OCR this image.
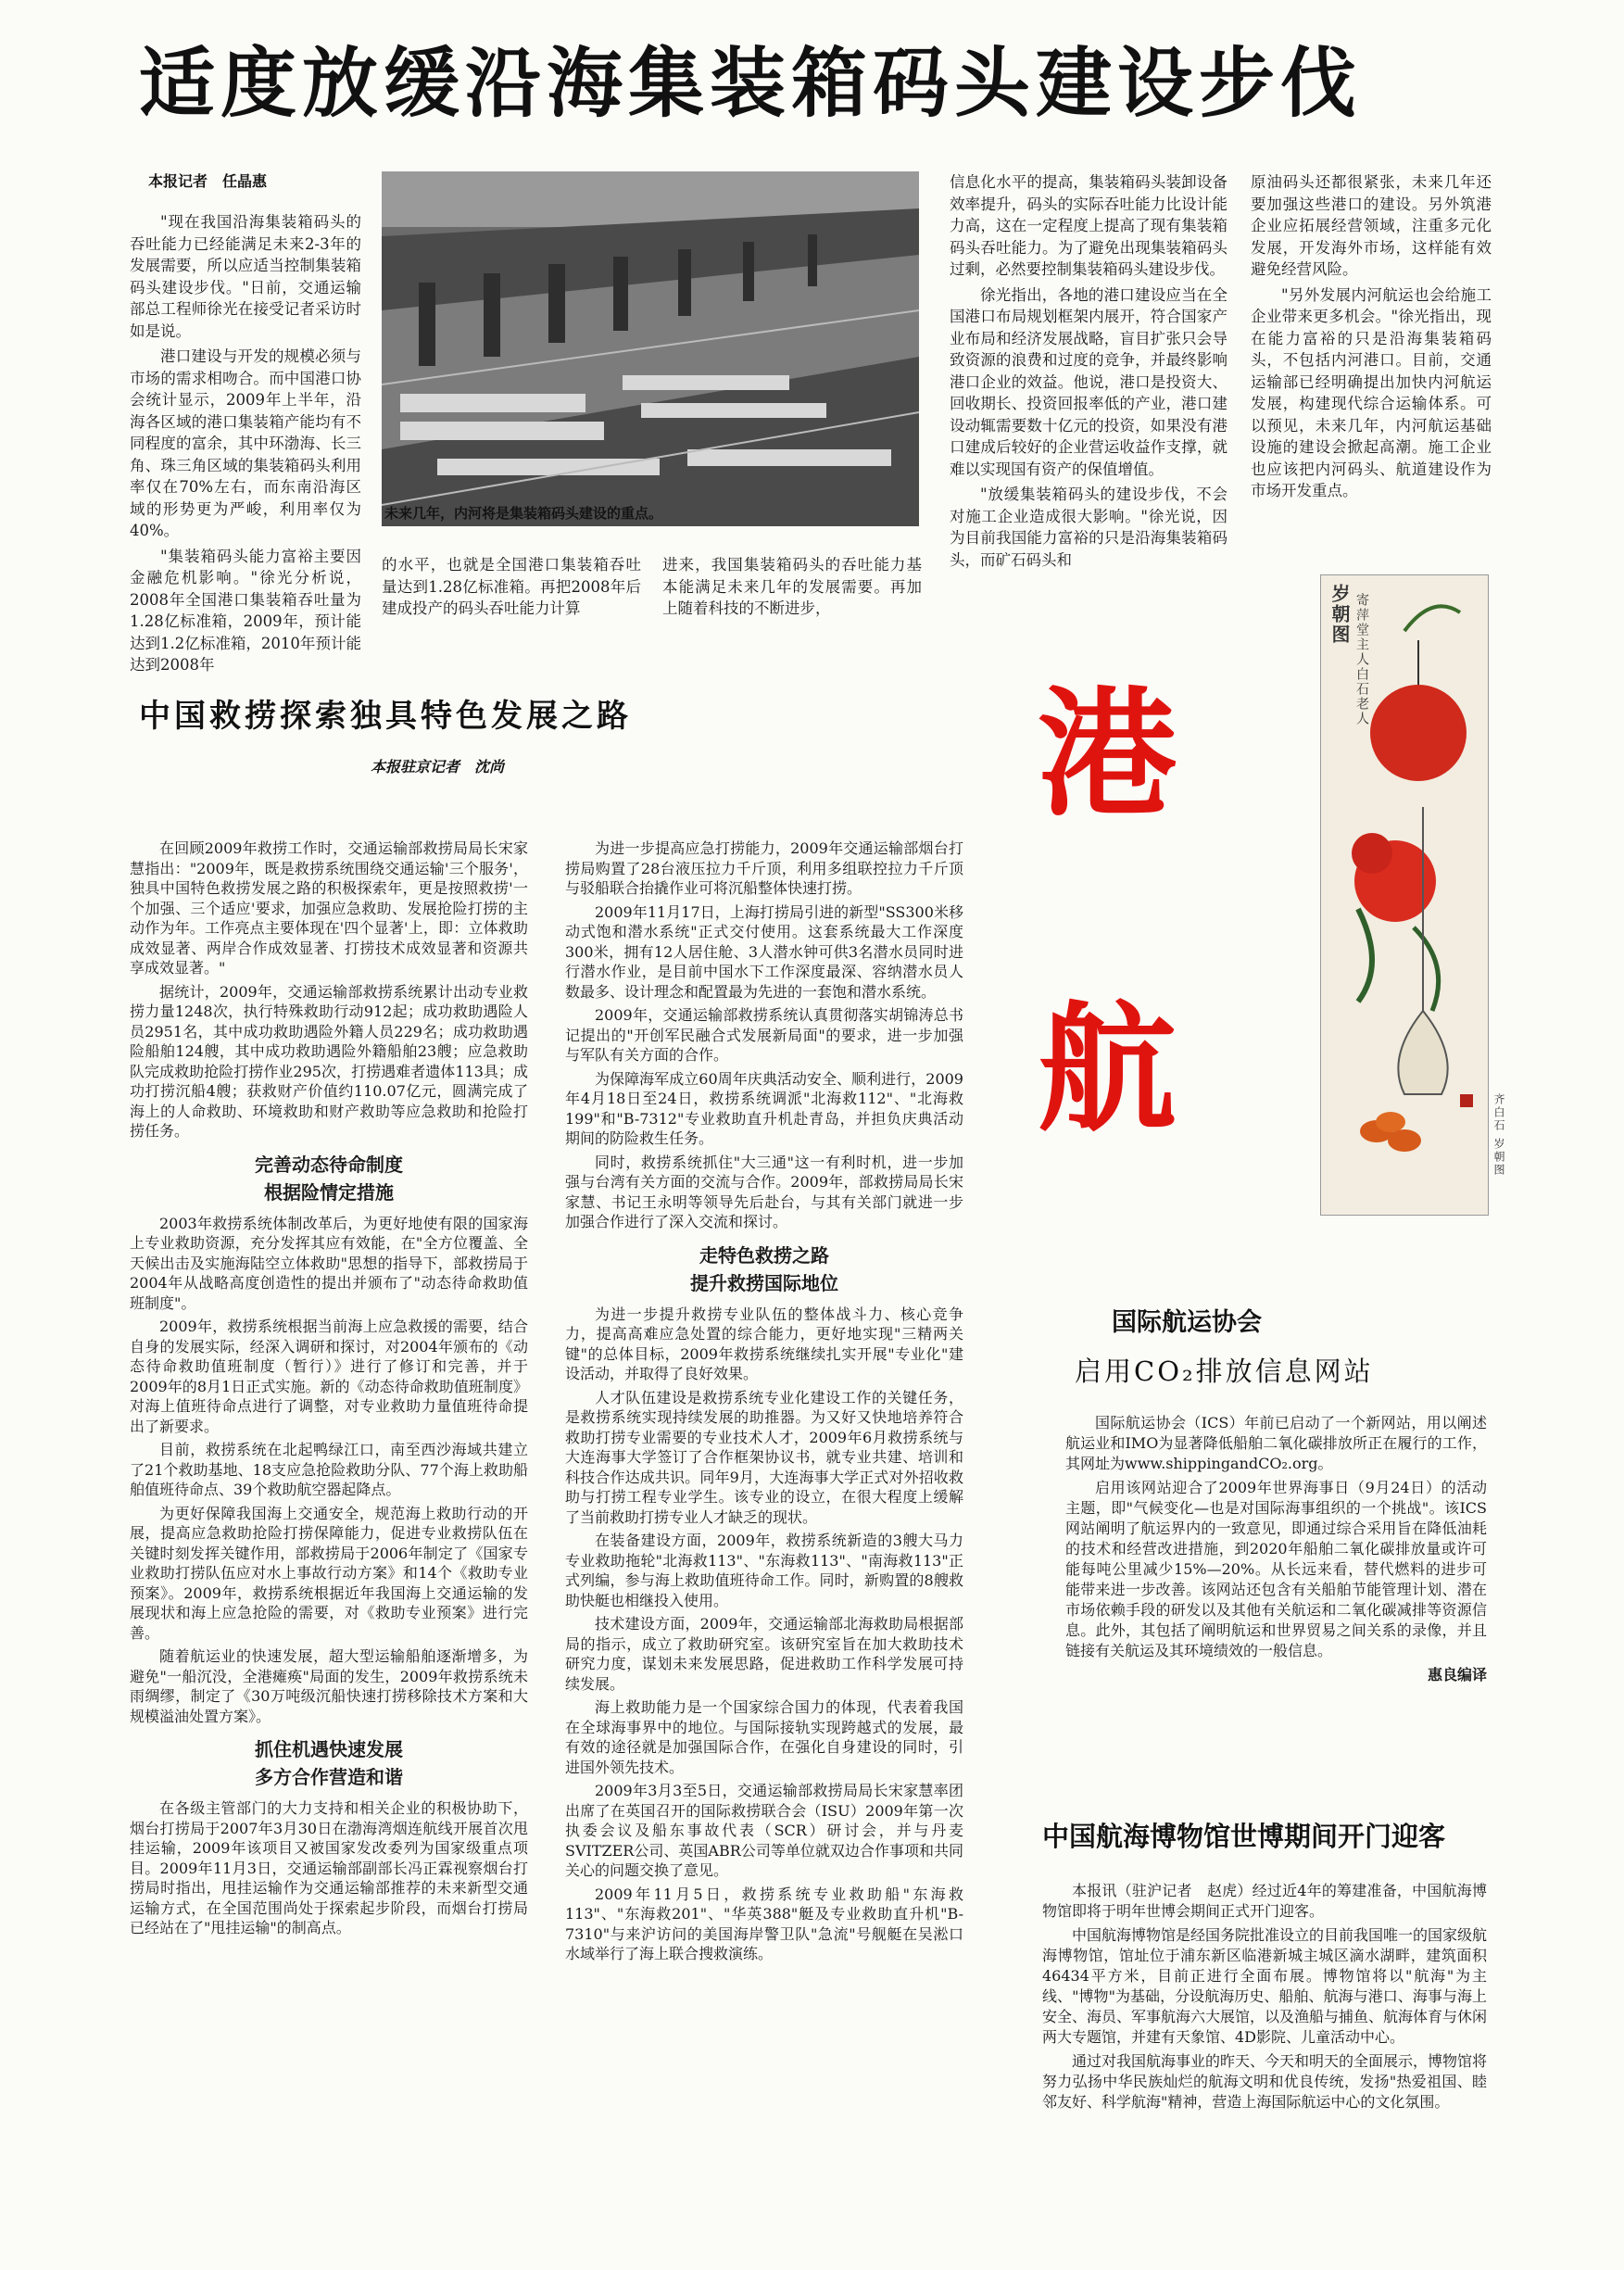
适度放缓沿海集装箱码头建设步伐
本报记者　任晶惠

"现在我国沿海集装箱码头的吞吐能力已经能满足未来2-3年的发展需要，所以应适当控制集装箱码头建设步伐。"日前，交通运输部总工程师徐光在接受记者采访时如是说。

港口建设与开发的规模必须与市场的需求相吻合。而中国港口协会统计显示，2009年上半年，沿海各区域的港口集装箱产能均有不同程度的富余，其中环渤海、长三角、珠三角区域的集装箱码头利用率仅在70%左右，而东南沿海区域的形势更为严峻，利用率仅为40%。

"集装箱码头能力富裕主要因金融危机影响。"徐光分析说，2008年全国港口集装箱吞吐量为1.28亿标准箱，2009年，预计能达到1.2亿标准箱，2010年预计能达到2008年

未来几年，内河将是集装箱码头建设的重点。

的水平，也就是全国港口集装箱吞吐量达到1.28亿标准箱。再把2008年后建成投产的码头吞吐能力计算

进来，我国集装箱码头的吞吐能力基本能满足未来几年的发展需要。再加上随着科技的不断进步，

信息化水平的提高，集装箱码头装卸设备效率提升，码头的实际吞吐能力比设计能力高，这在一定程度上提高了现有集装箱码头吞吐能力。为了避免出现集装箱码头过剩，必然要控制集装箱码头建设步伐。

徐光指出，各地的港口建设应当在全国港口布局规划框架内展开，符合国家产业布局和经济发展战略，盲目扩张只会导致资源的浪费和过度的竞争，并最终影响港口企业的效益。他说，港口是投资大、回收期长、投资回报率低的产业，港口建设动辄需要数十亿元的投资，如果没有港口建成后较好的企业营运收益作支撑，就难以实现国有资产的保值增值。

"放缓集装箱码头的建设步伐，不会对施工企业造成很大影响。"徐光说，因为目前我国能力富裕的只是沿海集装箱码头，而矿石码头和

原油码头还都很紧张，未来几年还要加强这些港口的建设。另外筑港企业应拓展经营领域，注重多元化发展，开发海外市场，这样能有效避免经营风险。

"另外发展内河航运也会给施工企业带来更多机会。"徐光指出，现在能力富裕的只是沿海集装箱码头，不包括内河港口。目前，交通运输部已经明确提出加快内河航运发展，构建现代综合运输体系。可以预见，未来几年，内河航运基础设施的建设会掀起高潮。施工企业也应该把内河码头、航道建设作为市场开发重点。

中国救捞探索独具特色发展之路
本报驻京记者　沈尚

在回顾2009年救捞工作时，交通运输部救捞局局长宋家慧指出："2009年，既是救捞系统围绕交通运输'三个服务'，独具中国特色救捞发展之路的积极探索年，更是按照救捞'一个加强、三个适应'要求，加强应急救助、发展抢险打捞的主动作为年。工作亮点主要体现在'四个显著'上，即：立体救助成效显著、两岸合作成效显著、打捞技术成效显著和资源共享成效显著。"

据统计，2009年，交通运输部救捞系统累计出动专业救捞力量1248次，执行特殊救助行动912起；成功救助遇险人员2951名，其中成功救助遇险外籍人员229名；成功救助遇险船舶124艘，其中成功救助遇险外籍船舶23艘；应急救助队完成救助抢险打捞作业295次，打捞遇难者遗体113具；成功打捞沉船4艘；获救财产价值约110.07亿元，圆满完成了海上的人命救助、环境救助和财产救助等应急救助和抢险打捞任务。

完善动态待命制度
根据险情定措施

2003年救捞系统体制改革后，为更好地使有限的国家海上专业救助资源，充分发挥其应有效能，在"全方位覆盖、全天候出击及实施海陆空立体救助"思想的指导下，部救捞局于2004年从战略高度创造性的提出并颁布了"动态待命救助值班制度"。

2009年，救捞系统根据当前海上应急救援的需要，结合自身的发展实际，经深入调研和探讨，对2004年颁布的《动态待命救助值班制度（暂行）》进行了修订和完善，并于2009年的8月1日正式实施。新的《动态待命救助值班制度》对海上值班待命点进行了调整，对专业救助力量值班待命提出了新要求。

目前，救捞系统在北起鸭绿江口，南至西沙海域共建立了21个救助基地、18支应急抢险救助分队、77个海上救助船舶值班待命点、39个救助航空器起降点。

为更好保障我国海上交通安全，规范海上救助行动的开展，提高应急救助抢险打捞保障能力，促进专业救捞队伍在关键时刻发挥关键作用，部救捞局于2006年制定了《国家专业救助打捞队伍应对水上事故行动方案》和14个《救助专业预案》。2009年，救捞系统根据近年我国海上交通运输的发展现状和海上应急抢险的需要，对《救助专业预案》进行完善。

随着航运业的快速发展，超大型运输船舶逐渐增多，为避免"一船沉没，全港瘫痪"局面的发生，2009年救捞系统未雨绸缪，制定了《30万吨级沉船快速打捞移除技术方案和大规模溢油处置方案》。

抓住机遇快速发展
多方合作营造和谐

在各级主管部门的大力支持和相关企业的积极协助下，烟台打捞局于2007年3月30日在渤海湾烟连航线开展首次甩挂运输，2009年该项目又被国家发改委列为国家级重点项目。2009年11月3日，交通运输部副部长冯正霖视察烟台打捞局时指出，甩挂运输作为交通运输部推荐的未来新型交通运输方式，在全国范围尚处于探索起步阶段，而烟台打捞局已经站在了"甩挂运输"的制高点。

为进一步提高应急打捞能力，2009年交通运输部烟台打捞局购置了28台液压拉力千斤顶，利用多组联控拉力千斤顶与驳船联合抬撬作业可将沉船整体快速打捞。

2009年11月17日，上海打捞局引进的新型"SS300米移动式饱和潜水系统"正式交付使用。这套系统最大工作深度300米，拥有12人居住舱、3人潜水钟可供3名潜水员同时进行潜水作业，是目前中国水下工作深度最深、容纳潜水员人数最多、设计理念和配置最为先进的一套饱和潜水系统。

2009年，交通运输部救捞系统认真贯彻落实胡锦涛总书记提出的"开创军民融合式发展新局面"的要求，进一步加强与军队有关方面的合作。

为保障海军成立60周年庆典活动安全、顺利进行，2009年4月18日至24日，救捞系统调派"北海救112"、"北海救199"和"B-7312"专业救助直升机赴青岛，并担负庆典活动期间的防险救生任务。

同时，救捞系统抓住"大三通"这一有利时机，进一步加强与台湾有关方面的交流与合作。2009年，部救捞局局长宋家慧、书记王永明等领导先后赴台，与其有关部门就进一步加强合作进行了深入交流和探讨。

走特色救捞之路
提升救捞国际地位

为进一步提升救捞专业队伍的整体战斗力、核心竞争力，提高高难应急处置的综合能力，更好地实现"三精两关键"的总体目标，2009年救捞系统继续扎实开展"专业化"建设活动，并取得了良好效果。

人才队伍建设是救捞系统专业化建设工作的关键任务，是救捞系统实现持续发展的助推器。为又好又快地培养符合救助打捞专业需要的专业技术人才，2009年6月救捞系统与大连海事大学签订了合作框架协议书，就专业共建、培训和科技合作达成共识。同年9月，大连海事大学正式对外招收救助与打捞工程专业学生。该专业的设立，在很大程度上缓解了当前救助打捞专业人才缺乏的现状。

在装备建设方面，2009年，救捞系统新造的3艘大马力专业救助拖轮"北海救113"、"东海救113"、"南海救113"正式列编，参与海上救助值班待命工作。同时，新购置的8艘救助快艇也相继投入使用。

技术建设方面，2009年，交通运输部北海救助局根据部局的指示，成立了救助研究室。该研究室旨在加大救助技术研究力度，谋划未来发展思路，促进救助工作科学发展可持续发展。

海上救助能力是一个国家综合国力的体现，代表着我国在全球海事界中的地位。与国际接轨实现跨越式的发展，最有效的途径就是加强国际合作，在强化自身建设的同时，引进国外领先技术。

2009年3月3至5日，交通运输部救捞局局长宋家慧率团出席了在英国召开的国际救捞联合会（ISU）2009年第一次执委会议及船东事故代表（SCR）研讨会，并与丹麦SVITZER公司、英国ABR公司等单位就双边合作事项和共同关心的问题交换了意见。

2009年11月5日，救捞系统专业救助船"东海救113"、"东海救201"、"华英388"艇及专业救助直升机"B-7310"与来沪访问的美国海岸警卫队"急流"号舰艇在吴淞口水域举行了海上联合搜救演练。

港
航
岁朝图 寄萍堂主人白石老人
齐白石 岁朝图
国际航运协会
启用CO₂排放信息网站

国际航运协会（ICS）年前已启动了一个新网站，用以阐述航运业和IMO为显著降低船舶二氧化碳排放所正在履行的工作，其网址为www.shippingandCO₂.org。

启用该网站迎合了2009年世界海事日（9月24日）的活动主题，即"气候变化—也是对国际海事组织的一个挑战"。该ICS网站阐明了航运界内的一致意见，即通过综合采用旨在降低油耗的技术和经营改进措施，到2020年船舶二氧化碳排放量或许可能每吨公里减少15%—20%。从长远来看，替代燃料的进步可能带来进一步改善。该网站还包含有关船舶节能管理计划、潜在市场依赖手段的研发以及其他有关航运和二氧化碳减排等资源信息。此外，其包括了阐明航运和世界贸易之间关系的录像，并且链接有关航运及其环境绩效的一般信息。

惠良编译
中国航海博物馆世博期间开门迎客

本报讯（驻沪记者　赵虎）经过近4年的筹建准备，中国航海博物馆即将于明年世博会期间正式开门迎客。

中国航海博物馆是经国务院批准设立的目前我国唯一的国家级航海博物馆，馆址位于浦东新区临港新城主城区滴水湖畔，建筑面积46434平方米，目前正进行全面布展。博物馆将以"航海"为主线、"博物"为基础，分设航海历史、船舶、航海与港口、海事与海上安全、海员、军事航海六大展馆，以及渔船与捕鱼、航海体育与休闲两大专题馆，并建有天象馆、4D影院、儿童活动中心。

通过对我国航海事业的昨天、今天和明天的全面展示，博物馆将努力弘扬中华民族灿烂的航海文明和优良传统，发扬"热爱祖国、睦邻友好、科学航海"精神，营造上海国际航运中心的文化氛围。
